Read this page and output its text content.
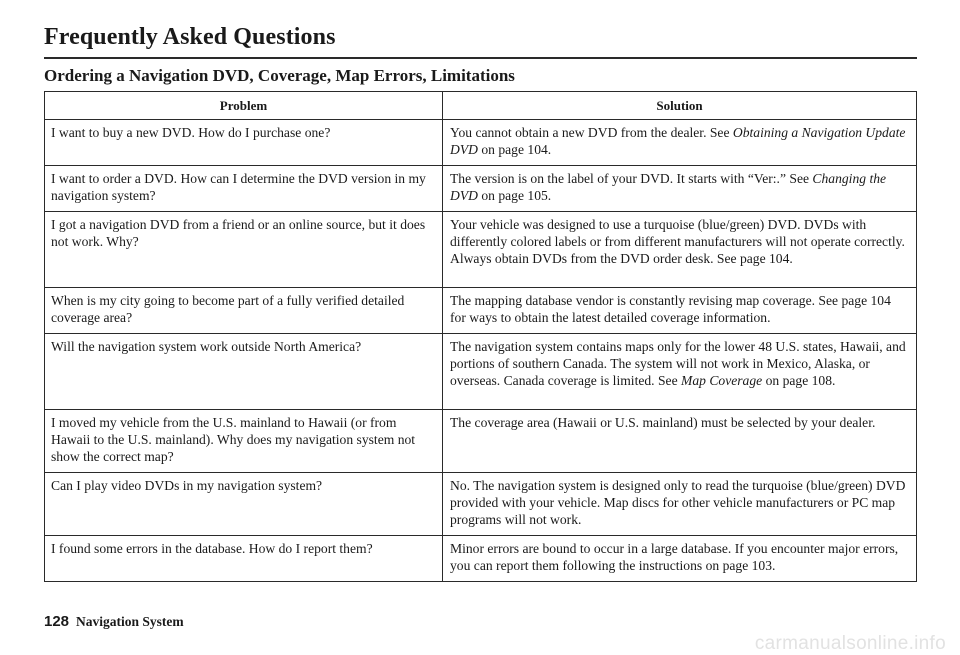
Frequently Asked Questions
Ordering a Navigation DVD, Coverage, Map Errors, Limitations
Problem	Solution
I want to buy a new DVD. How do I purchase one?	You cannot obtain a new DVD from the dealer. See Obtaining a Navigation Update DVD on page 104.
I want to order a DVD. How can I determine the DVD version in my navigation system?	The version is on the label of your DVD. It starts with “Ver:.” See Changing the DVD on page 105.
I got a navigation DVD from a friend or an online source, but it does not work. Why?	Your vehicle was designed to use a turquoise (blue/green) DVD. DVDs with differently colored labels or from different manufacturers will not operate correctly. Always obtain DVDs from the DVD order desk. See page 104.
When is my city going to become part of a fully verified detailed coverage area?	The mapping database vendor is constantly revising map coverage. See page 104 for ways to obtain the latest detailed coverage information.
Will the navigation system work outside North America?	The navigation system contains maps only for the lower 48 U.S. states, Hawaii, and portions of southern Canada. The system will not work in Mexico, Alaska, or overseas. Canada coverage is limited. See Map Coverage on page 108.
I moved my vehicle from the U.S. mainland to Hawaii (or from Hawaii to the U.S. mainland). Why does my navigation system not show the correct map?	The coverage area (Hawaii or U.S. mainland) must be selected by your dealer.
Can I play video DVDs in my navigation system?	No. The navigation system is designed only to read the turquoise (blue/green) DVD provided with your vehicle. Map discs for other vehicle manufacturers or PC map programs will not work.
I found some errors in the database. How do I report them?	Minor errors are bound to occur in a large database. If you encounter major errors, you can report them following the instructions on page 103.
128 Navigation System
carmanualsonline.info
